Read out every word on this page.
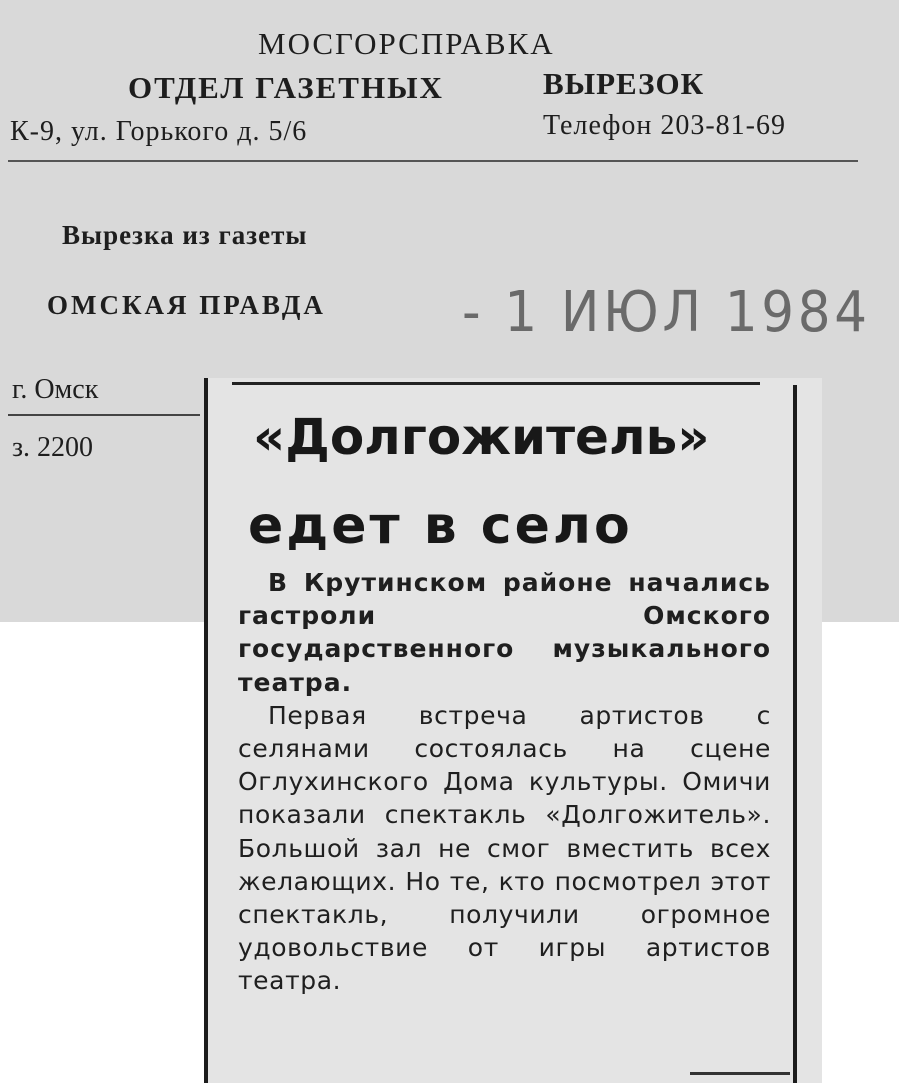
МОСГОРСПРАВКА
ОТДЕЛ ГАЗЕТНЫХ	ВЫРЕЗОК
К-9, ул. Горького д. 5/6	Телефон 203-81-69
Вырезка из газеты
ОМСКАЯ ПРАВДА - 1 ИЮЛ 1984
г. Омск
з. 2200	«Долгожитель»
едет в село

В Крутинском районе начались гастроли Омского государственного музыкального театра.

Первая встреча артистов с селянами состоялась на сцене Оглухинского Дома культуры. Омичи показали спектакль «Долгожитель». Большой зал не смог вместить всех желающих. Но те, кто посмотрел этот спектакль, получили огромное удовольствие от игры артистов театра.
